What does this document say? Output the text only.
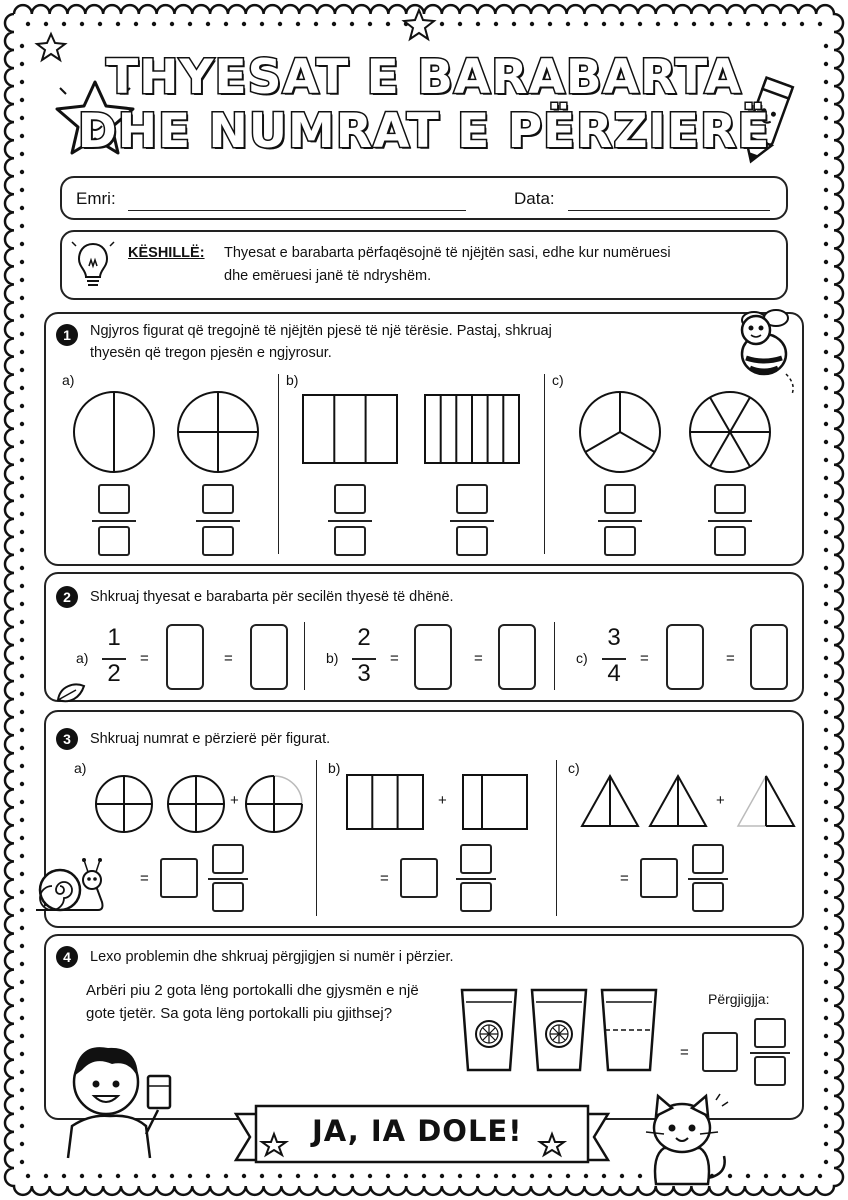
THYESAT E BARABARTA
DHE NUMRAT E PËRZIERË
Emri:	Data:
KËSHILLË: Thyesat e barabarta përfaqësojnë të njëjtën sasi, edhe kur numëruesi
dhe emëruesi janë të ndryshëm.
1	Ngjyros figurat që tregojnë të njëjtën pjesë të një tërësie. Pastaj, shkruaj
thyesën që tregon pjesën e ngjyrosur.
a)	b)	c)
2	Shkruaj thyesat e barabarta për secilën thyesë të dhënë.
a)
1
2
=	=	b)
2
3
=	=	c)
3
4
=	=
3	Shkruaj numrat e përzierë për figurat.
a)	b)	c)
+	+	+
=	=	=
4	Lexo problemin dhe shkruaj përgjigjen si numër i përzier.
Arbëri piu 2 gota lëng portokalli dhe gjysmën e një
gote tjetër. Sa gota lëng portokalli piu gjithsej?
Përgjigjja:
=
JA, IA DOLE!
